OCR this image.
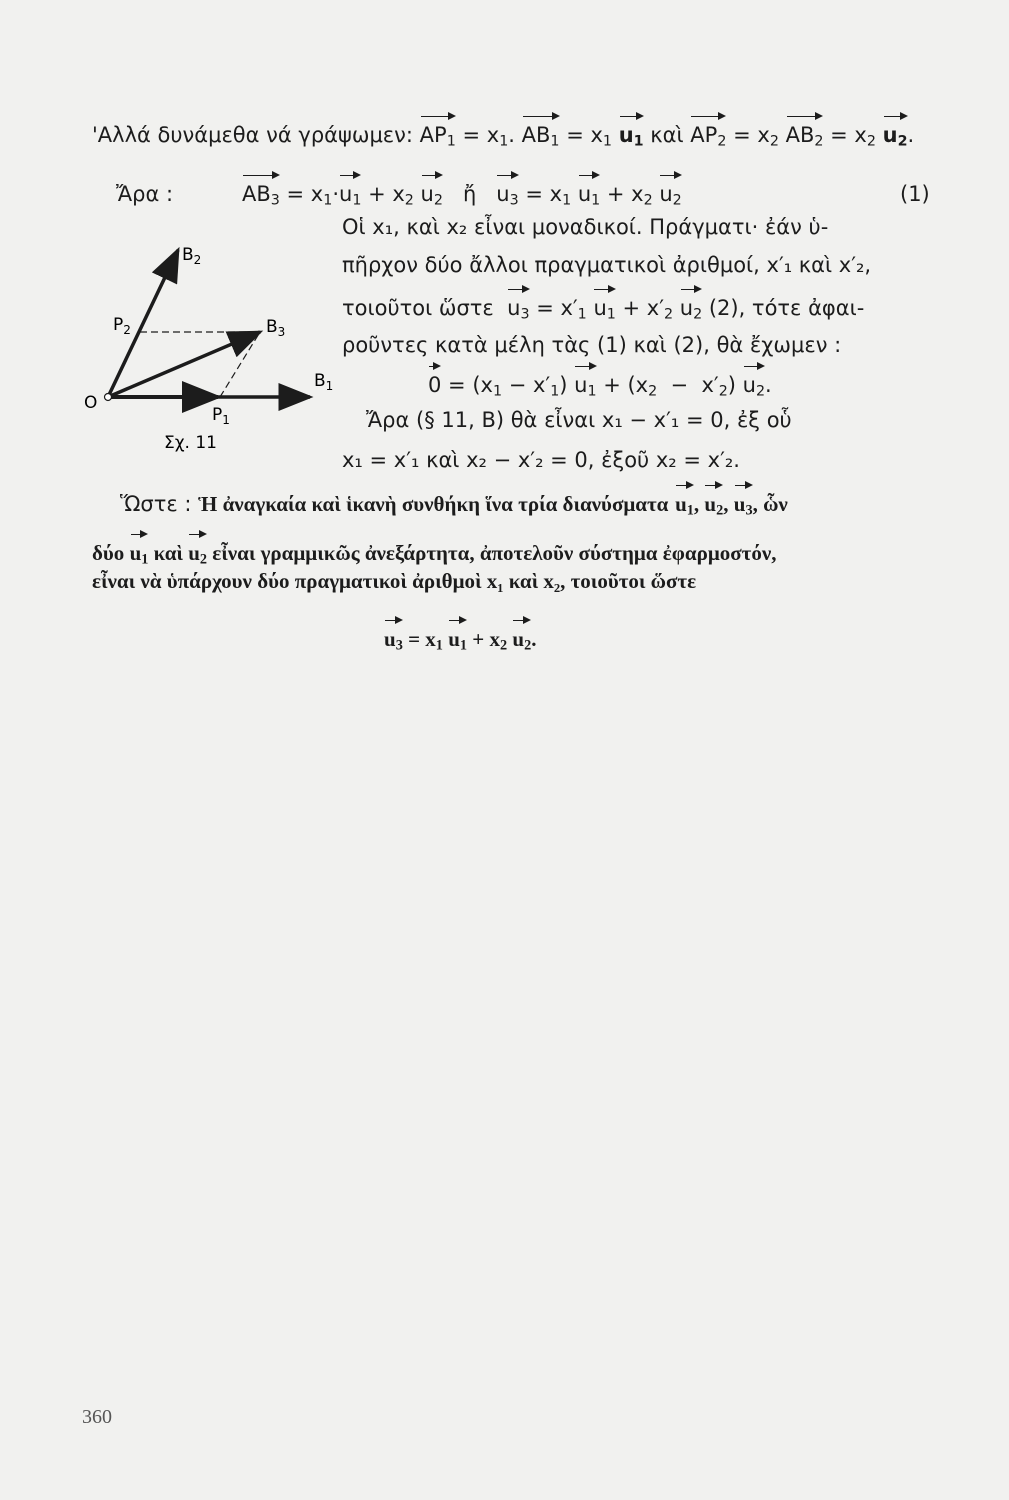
'Αλλά δυνάμεθα νά γράψωμεν: $AP_1 = x_1$. $AB_1 = x_1$ $u_1$ καὶ $AP_2 = x_2$ $AB_2 = x_2$ $u_2$.
Ἄρα :	$AB_3 = x_1\cdot u_1 + x_2$ $u_2$ ἤ $u_3 = x_1$ $u_1 + x_2$ $u_2$	(1)
O
$B_2$
$P_2$	$B_3$
$B_1$
$P_1$
Σχ. 11
Oἱ x₁, καὶ x₂ εἶναι μοναδικοί. Πράγματι· ἐάν ὑ-
πῆρχον δύο ἄλλοι πραγματικοὶ ἀριθμοί, x′₁ καὶ x′₂,
τοιοῦτοι ὥστε $u_3 = x'_1$ $u_1 + x'_2$ $u_2$ (2), τότε ἀφαι-
ροῦντες κατὰ μέλη τὰς (1) καὶ (2), θὰ ἔχωμεν :
$0 = (x_1 - x'_1) u_1 + (x_2 - x'_2)$ $u_2$.
Ἄρα (§ 11, B) θὰ εἶναι x₁ − x′₁ = 0, ἐξ οὗ
x₁ = x′₁ καὶ x₂ − x′₂ = 0, ἐξοῦ x₂ = x′₂.
Ὥστε : Ἡ ἀναγκαία καὶ ἱκανὴ συνθήκη ἵνα τρία διανύσματα $u_1$, $u_2$, $u_3$, ὧν
δύο $u_1$ καὶ $u_2$ εἶναι γραμμικῶς ἀνεξάρτητα, ἀποτελοῦν σύστημα ἐφαρμοστόν,
εἶναι νὰ ὑπάρχουν δύο πραγματικοὶ ἀριθμοὶ x₁ καὶ x₂, τοιοῦτοι ὥστε
$u_3 = x_1$ $u_1 + x_2$ $u_2$.
360
